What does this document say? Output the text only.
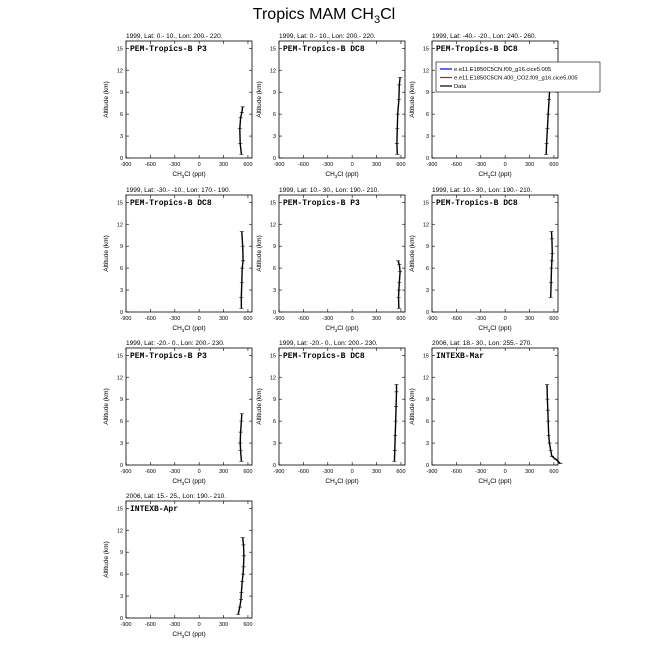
Tropics MAM $CH_3Cl$
1999, Lat: 0.- 10., Lon: 200.- 220.
PEM-Tropics-B P3
-900 -600 -300	0	300	600
0
3
6
9
12
15
$CH_3Cl$ (ppt)
Altitude (km)
1999, Lat: 0.- 10., Lon: 200.- 220.
PEM-Tropics-B DC8
-900 -600 -300	0	300	600
0
3
6
9
12
15
$CH_3Cl$ (ppt)
Altitude (km)
1999, Lat: -40.- -20., Lon: 240.- 260.
PEM-Tropics-B DC8
-900 -600 -300	0	300	600
0
3
6
9
12
15
$CH_3Cl$ (ppt)
Altitude (km)
e.e11.E1850C5CN.f09_g16.cice5.005
e.e11.E1850C5CN.400_CO2.f09_g16.cice5.005
Data
1999, Lat: -30.- -10., Lon: 170.- 190.
PEM-Tropics-B DC8
-900 -600 -300	0	300	600
0
3
6
9
12
15
$CH_3Cl$ (ppt)
Altitude (km)
1999, Lat: 10.- 30., Lon: 190.- 210.
PEM-Tropics-B P3
-900 -600 -300	0	300	600
0
3
6
9
12
15
$CH_3Cl$ (ppt)
Altitude (km)
1999, Lat: 10.- 30., Lon: 190.- 210.
PEM-Tropics-B DC8
-900 -600 -300	0	300	600
0
3
6
9
12
15
$CH_3Cl$ (ppt)
Altitude (km)
1999, Lat: -20.- 0., Lon: 200.- 230.
PEM-Tropics-B P3
-900 -600 -300	0	300	600
0
3
6
9
12
15
$CH_3Cl$ (ppt)
Altitude (km)
1999, Lat: -20.- 0., Lon: 200.- 230.
PEM-Tropics-B DC8
-900 -600 -300	0	300	600
0
3
6
9
12
15
$CH_3Cl$ (ppt)
Altitude (km)
2006, Lat: 18.- 30., Lon: 255.- 270.
INTEXB-Mar
-900 -600 -300	0	300	600
0
3
6
9
12
15
$CH_3Cl$ (ppt)
Altitude (km)
2006, Lat: 15.- 25., Lon: 190.- 210.
INTEXB-Apr
-900 -600 -300	0	300	600
0
3
6
9
12
15
$CH_3Cl$ (ppt)
Altitude (km)
